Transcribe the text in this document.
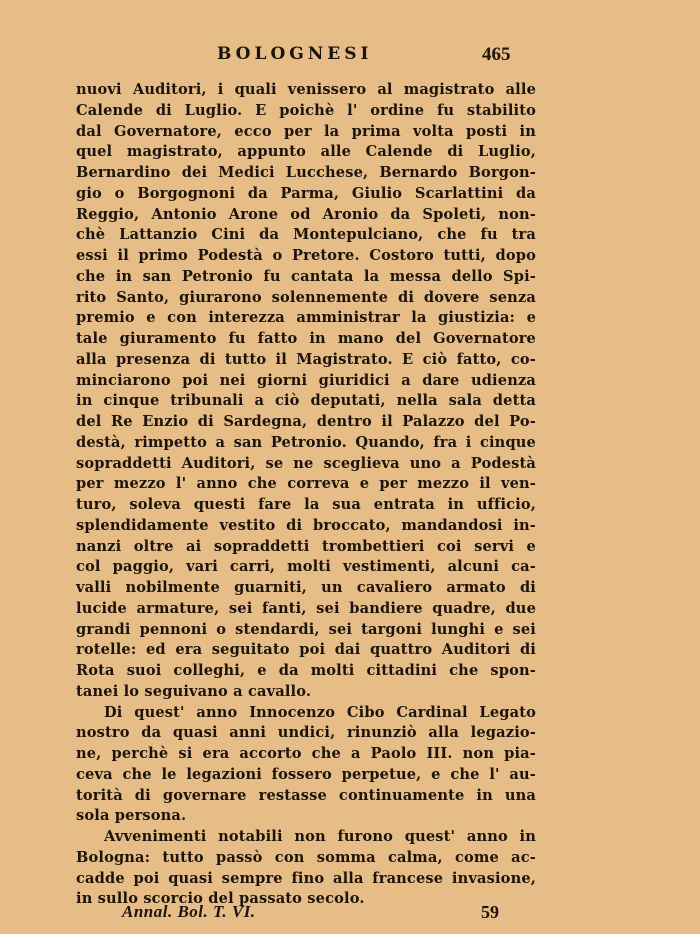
BOLOGNESI	465
nuovi Auditori, i quali venissero al magistrato alle
Calende di Luglio. E poichè l' ordine fu stabilito
dal Governatore, ecco per la prima volta posti in
quel magistrato, appunto alle Calende di Luglio,
Bernardino dei Medici Lucchese, Bernardo Borgon-
gio o Borgognoni da Parma, Giulio Scarlattini da
Reggio, Antonio Arone od Aronio da Spoleti, non-
chè Lattanzio Cini da Montepulciano, che fu tra
essi il primo Podestà o Pretore. Costoro tutti, dopo
che in san Petronio fu cantata la messa dello Spi-
rito Santo, giurarono solennemente di dovere senza
premio e con interezza amministrar la giustizia: e
tale giuramento fu fatto in mano del Governatore
alla presenza di tutto il Magistrato. E ciò fatto, co-
minciarono poi nei giorni giuridici a dare udienza
in cinque tribunali a ciò deputati, nella sala detta
del Re Enzio di Sardegna, dentro il Palazzo del Po-
destà, rimpetto a san Petronio. Quando, fra i cinque
sopraddetti Auditori, se ne sceglieva uno a Podestà
per mezzo l' anno che correva e per mezzo il ven-
turo, soleva questi fare la sua entrata in ufficio,
splendidamente vestito di broccato, mandandosi in-
nanzi oltre ai sopraddetti trombettieri coi servi e
col paggio, vari carri, molti vestimenti, alcuni ca-
valli nobilmente guarniti, un cavaliero armato di
lucide armature, sei fanti, sei bandiere quadre, due
grandi pennoni o stendardi, sei targoni lunghi e sei
rotelle: ed era seguitato poi dai quattro Auditori di
Rota suoi colleghi, e da molti cittadini che spon-
tanei lo seguivano a cavallo.
Di quest' anno Innocenzo Cibo Cardinal Legato
nostro da quasi anni undici, rinunziò alla legazio-
ne, perchè si era accorto che a Paolo III. non pia-
ceva che le legazioni fossero perpetue, e che l' au-
torità di governare restasse continuamente in una
sola persona.
Avvenimenti notabili non furono quest' anno in
Bologna: tutto passò con somma calma, come ac-
cadde poi quasi sempre fino alla francese invasione,
in sullo scorcio del passato secolo.
Annal. Bol. T. VI.	59
